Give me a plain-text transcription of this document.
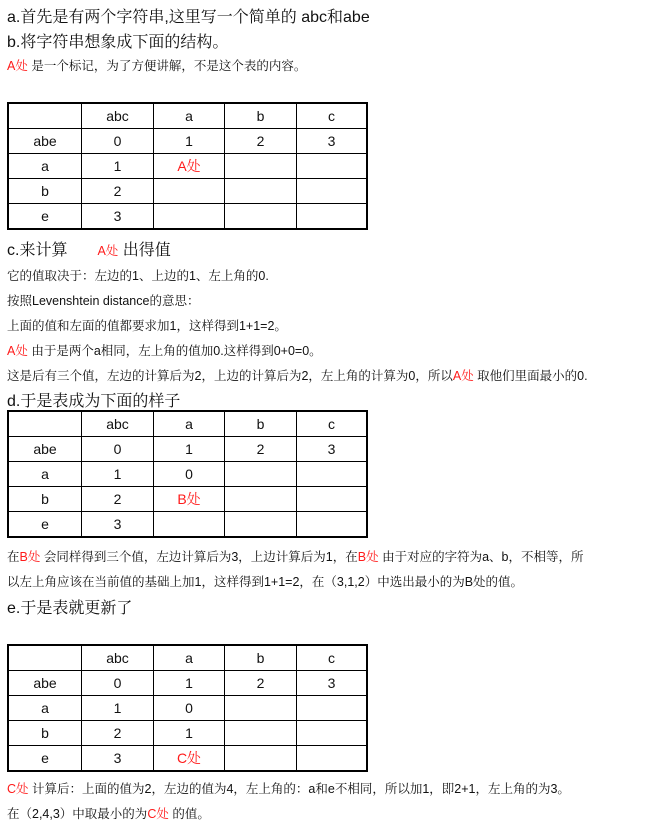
a.首先是有两个字符串,这里写一个简单的 abc和abe
b.将字符串想象成下面的结构。
A处 是一个标记，为了方便讲解，不是这个表的内容。
	abc	a	b	c
abe	0	1	2	3
a	1	A处		
b	2			
e	3			
c.来计算 A处 出得值
它的值取决于：左边的1、上边的1、左上角的0.
按照Levenshtein distance的意思：
上面的值和左面的值都要求加1，这样得到1+1=2。
A处 由于是两个a相同，左上角的值加0.这样得到0+0=0。
这是后有三个值，左边的计算后为2，上边的计算后为2，左上角的计算为0，所以A处 取他们里面最小的0.
d.于是表成为下面的样子
	abc	a	b	c
abe	0	1	2	3
a	1	0		
b	2	B处		
e	3			
在B处 会同样得到三个值，左边计算后为3，上边计算后为1，在B处 由于对应的字符为a、b，不相等，所
以左上角应该在当前值的基础上加1，这样得到1+1=2，在（3,1,2）中选出最小的为B处的值。
e.于是表就更新了
	abc	a	b	c
abe	0	1	2	3
a	1	0		
b	2	1		
e	3	C处		
C处 计算后：上面的值为2，左边的值为4，左上角的：a和e不相同，所以加1，即2+1，左上角的为3。
在（2,4,3）中取最小的为C处 的值。
